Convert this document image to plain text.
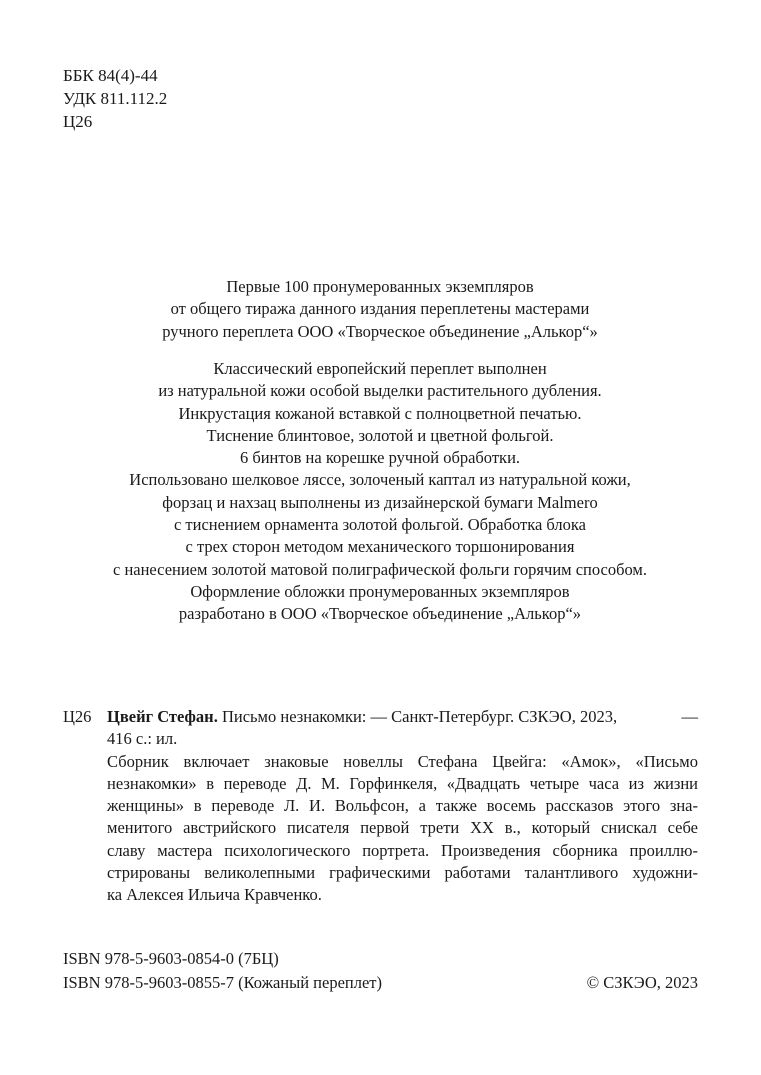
ББК 84(4)-44
УДК 811.112.2
Ц26
Первые 100 пронумерованных экземпляров
от общего тиража данного издания переплетены мастерами
ручного переплета ООО «Творческое объединение „Алькор“»
Классический европейский переплет выполнен
из натуральной кожи особой выделки растительного дубления.
Инкрустация кожаной вставкой с полноцветной печатью.
Тиснение блинтовое, золотой и цветной фольгой.
6 бинтов на корешке ручной обработки.
Использовано шелковое ляссе, золоченый каптал из натуральной кожи,
форзац и нахзац выполнены из дизайнерской бумаги Malmero
с тиснением орнамента золотой фольгой. Обработка блока
с трех сторон методом механического торшонирования
с нанесением золотой матовой полиграфической фольги горячим способом.
Оформление обложки пронумерованных экземпляров
разработано в ООО «Творческое объединение „Алькор“»
Ц26 Цвейг Стефан. Письмо незнакомки: — Санкт-Петербург. СЗКЭО, 2023,	—
416 с.: ил.
Сборник включает знаковые новеллы Стефана Цвейга: «Амок», «Письмо
незнакомки» в переводе Д. М. Горфинкеля, «Двадцать четыре часа из жизни
женщины» в переводе Л. И. Вольфсон, а также восемь рассказов этого зна-
менитого австрийского писателя первой трети XX в., который снискал себе
славу мастера психологического портрета. Произведения сборника проиллю-
стрированы великолепными графическими работами талантливого художни-
ка Алексея Ильича Кравченко.
ISBN 978-5-9603-0854-0 (7БЦ)
ISBN 978-5-9603-0855-7 (Кожаный переплет)	© СЗКЭО, 2023
